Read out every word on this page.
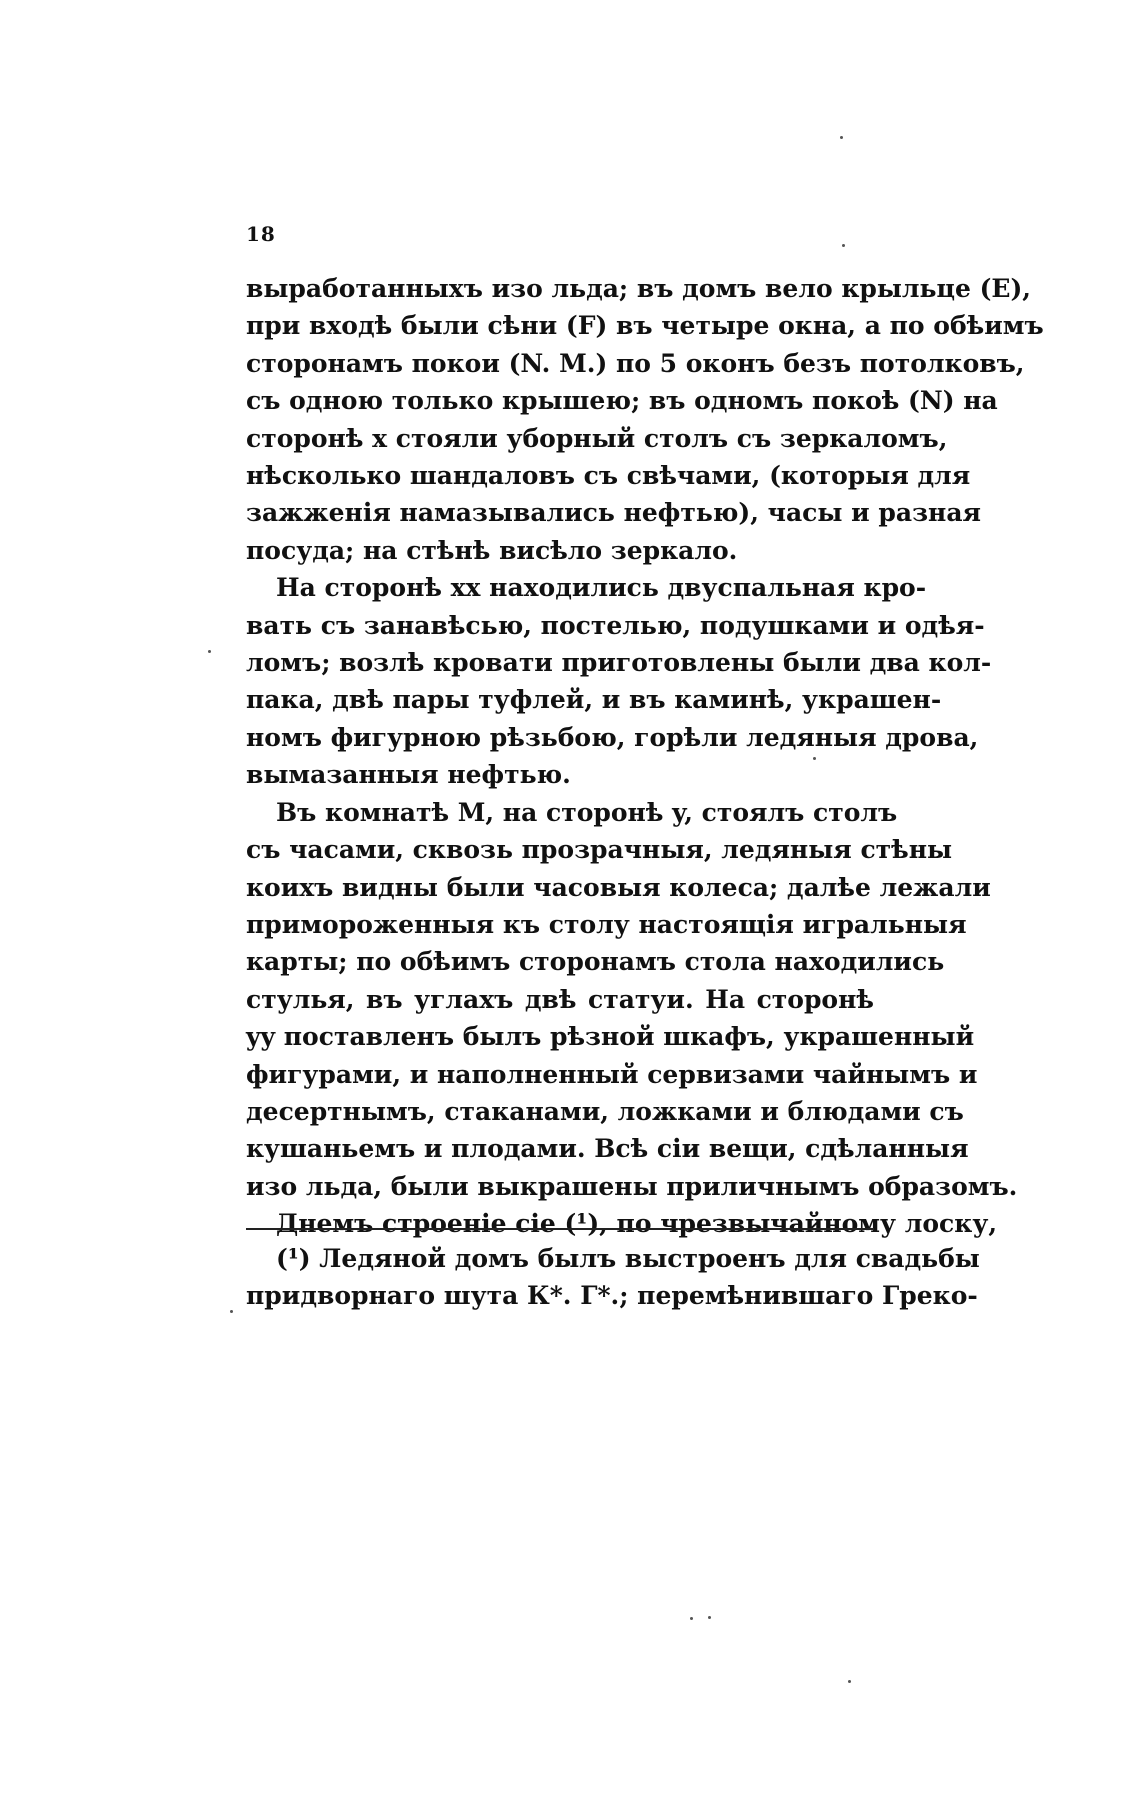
18

выработанныхъ изо льда; въ домъ вело крыльце (E),
при входѣ были сѣни (F) въ четыре окна, а по обѣимъ
сторонамъ покои (N. M.) по 5 оконъ безъ потолковъ,
съ одною только крышею; въ одномъ покоѣ (N) на
сторонѣ x стояли уборный столъ съ зеркаломъ,
нѣсколько шандаловъ съ свѣчами, (которыя для
зажженія намазывались нефтью), часы и разная
посуда; на стѣнѣ висѣло зеркало.

На сторонѣ xx находились двуспальная кро-
вать съ занавѣсью, постелью, подушками и одѣя-
ломъ; возлѣ кровати приготовлены были два кол-
пака, двѣ пары туфлей, и въ каминѣ, украшен-
номъ фигурною рѣзьбою, горѣли ледяныя дрова,
вымазанныя нефтью.

Въ комнатѣ M, на сторонѣ y, стоялъ столъ
съ часами, сквозь прозрачныя, ледяныя стѣны
коихъ видны были часовыя колеса; далѣе лежали
примороженныя къ столу настоящія игральныя
карты; по обѣимъ сторонамъ стола находились
стулья, въ углахъ двѣ статуи. На сторонѣ
yy поставленъ былъ рѣзной шкафъ, украшенный
фигурами, и наполненный сервизами чайнымъ и
десертнымъ, стаканами, ложками и блюдами съ
кушаньемъ и плодами. Всѣ сіи вещи, сдѣланныя
изо льда, были выкрашены приличнымъ образомъ.

Днемъ строеніе сіе (¹), по чрезвычайному лоску,

(¹) Ледяной домъ былъ выстроенъ для свадьбы
придворнаго шута К*. Г*.; перемѣнившаго Греко-
